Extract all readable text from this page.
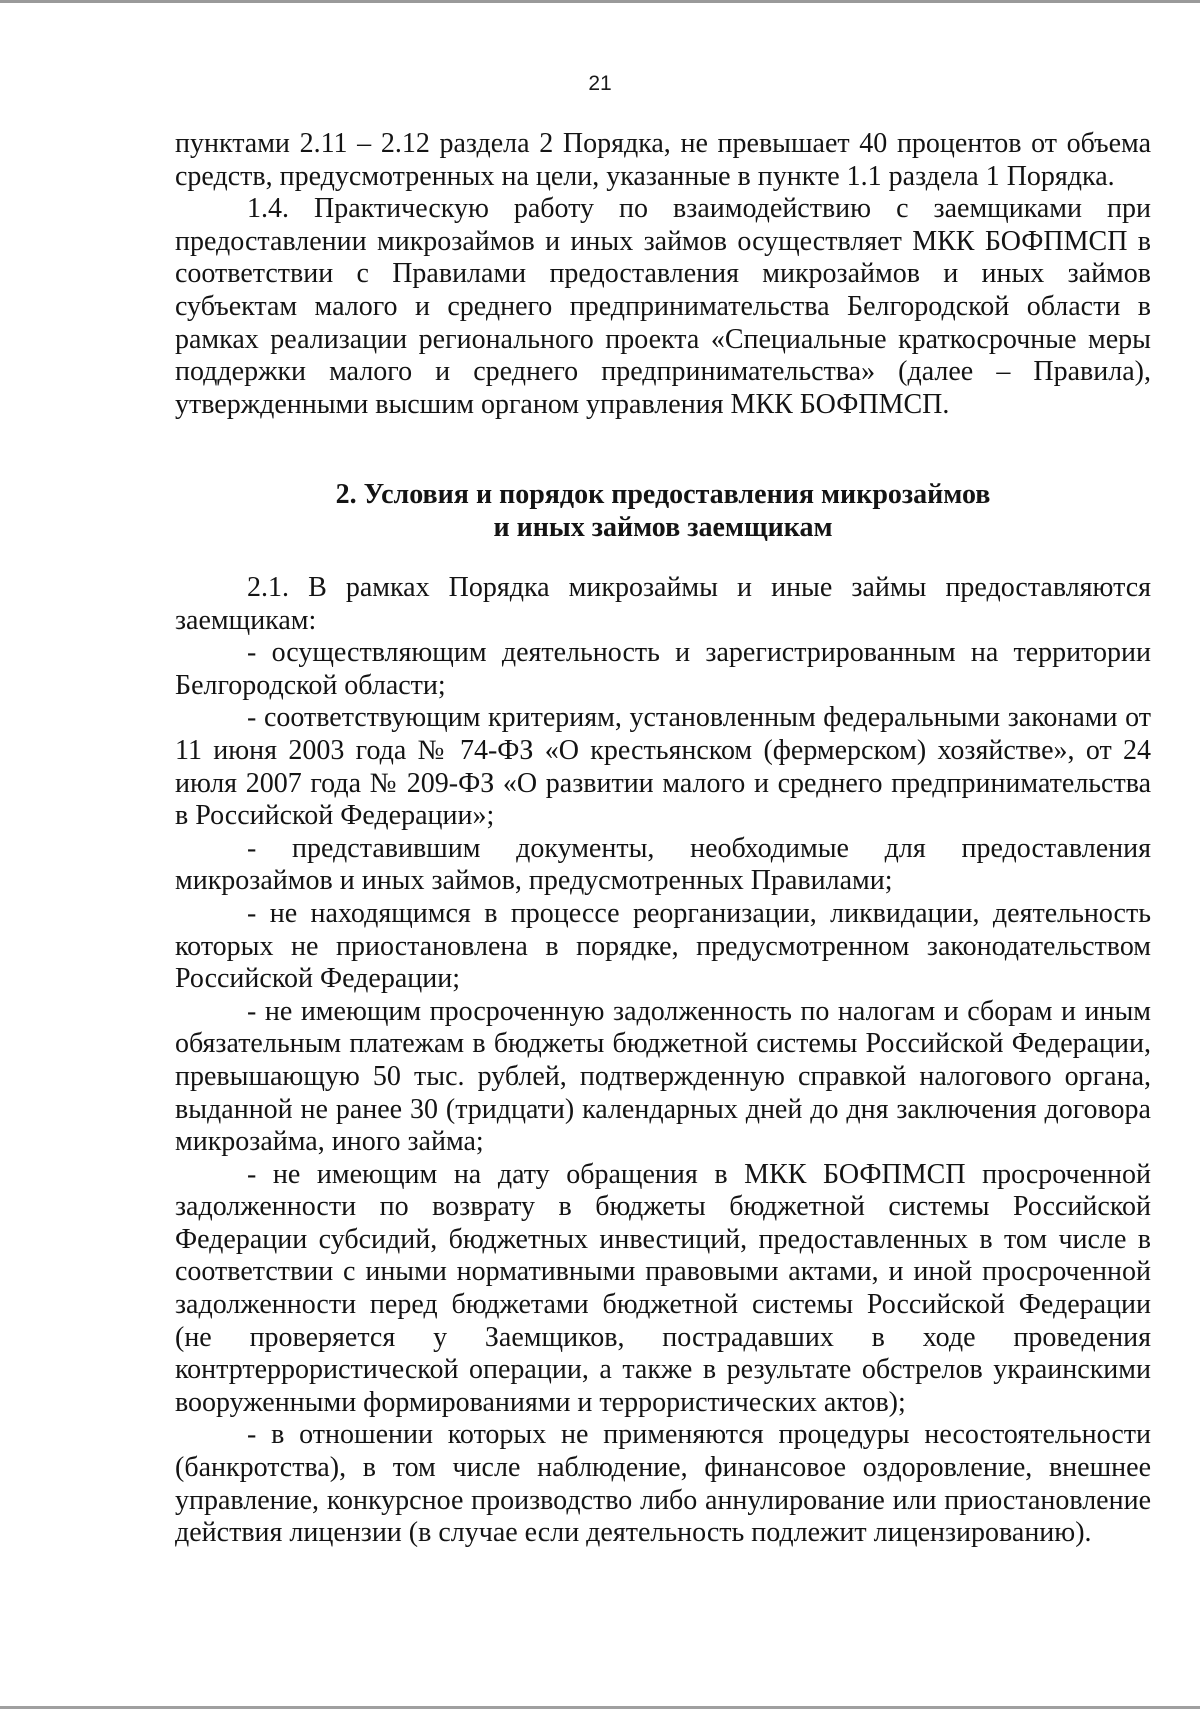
21

пунктами 2.11 – 2.12 раздела 2 Порядка, не превышает 40 процентов от объема средств, предусмотренных на цели, указанные в пункте 1.1 раздела 1 Порядка.

1.4. Практическую работу по взаимодействию с заемщиками при предоставлении микрозаймов и иных займов осуществляет МКК БОФПМСП в соответствии с Правилами предоставления микрозаймов и иных займов субъектам малого и среднего предпринимательства Белгородской области в рамках реализации регионального проекта «Специальные краткосрочные меры поддержки малого и среднего предпринимательства» (далее – Правила), утвержденными высшим органом управления МКК БОФПМСП.

2. Условия и порядок предоставления микрозаймов
и иных займов заемщикам

2.1. В рамках Порядка микрозаймы и иные займы предоставляются заемщикам:

- осуществляющим деятельность и зарегистрированным на территории Белгородской области;

- соответствующим критериям, установленным федеральными законами от 11 июня 2003 года № 74-ФЗ «О крестьянском (фермерском) хозяйстве», от 24 июля 2007 года № 209-ФЗ «О развитии малого и среднего предпринимательства в Российской Федерации»;

- представившим документы, необходимые для предоставления микрозаймов и иных займов, предусмотренных Правилами;

- не находящимся в процессе реорганизации, ликвидации, деятельность которых не приостановлена в порядке, предусмотренном законодательством Российской Федерации;

- не имеющим просроченную задолженность по налогам и сборам и иным обязательным платежам в бюджеты бюджетной системы Российской Федерации, превышающую 50 тыс. рублей, подтвержденную справкой налогового органа, выданной не ранее 30 (тридцати) календарных дней до дня заключения договора микрозайма, иного займа;

- не имеющим на дату обращения в МКК БОФПМСП просроченной задолженности по возврату в бюджеты бюджетной системы Российской Федерации субсидий, бюджетных инвестиций, предоставленных в том числе в соответствии с иными нормативными правовыми актами, и иной просроченной задолженности перед бюджетами бюджетной системы Российской Федерации (не проверяется у Заемщиков, пострадавших в ходе проведения контртеррористической операции, а также в результате обстрелов украинскими вооруженными формированиями и террористических актов);

- в отношении которых не применяются процедуры несостоятельности (банкротства), в том числе наблюдение, финансовое оздоровление, внешнее управление, конкурсное производство либо аннулирование или приостановление действия лицензии (в случае если деятельность подлежит лицензированию).
